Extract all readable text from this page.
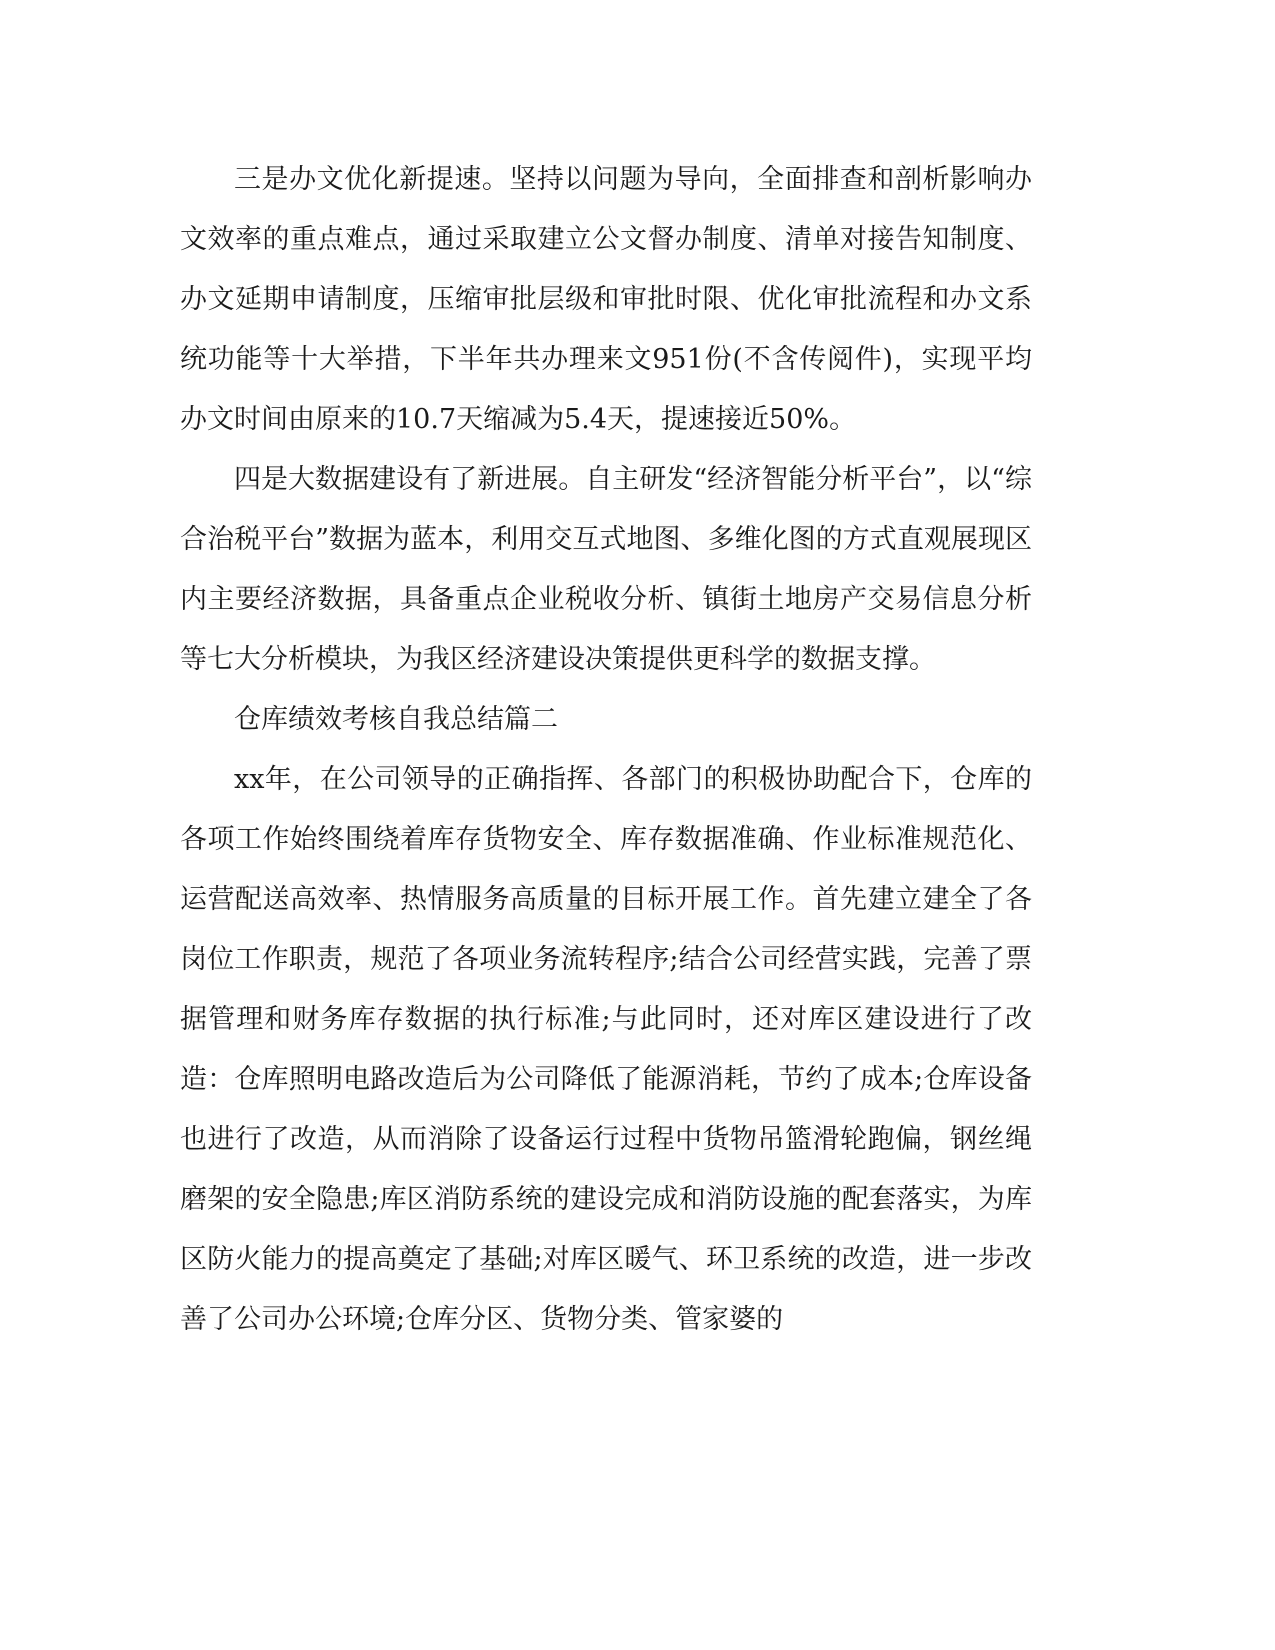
三是办文优化新提速。坚持以问题为导向，全面排查和剖析影响办文效率的重点难点，通过采取建立公文督办制度、清单对接告知制度、办文延期申请制度，压缩审批层级和审批时限、优化审批流程和办文系统功能等十大举措，下半年共办理来文951份(不含传阅件)，实现平均办文时间由原来的10.7天缩减为5.4天，提速接近50%。

四是大数据建设有了新进展。自主研发“经济智能分析平台”，以“综合治税平台”数据为蓝本，利用交互式地图、多维化图的方式直观展现区内主要经济数据，具备重点企业税收分析、镇街土地房产交易信息分析等七大分析模块，为我区经济建设决策提供更科学的数据支撑。

仓库绩效考核自我总结篇二

xx年，在公司领导的正确指挥、各部门的积极协助配合下，仓库的各项工作始终围绕着库存货物安全、库存数据准确、作业标准规范化、运营配送高效率、热情服务高质量的目标开展工作。首先建立建全了各岗位工作职责，规范了各项业务流转程序;结合公司经营实践，完善了票据管理和财务库存数据的执行标准;与此同时，还对库区建设进行了改造：仓库照明电路改造后为公司降低了能源消耗，节约了成本;仓库设备也进行了改造，从而消除了设备运行过程中货物吊篮滑轮跑偏，钢丝绳磨架的安全隐患;库区消防系统的建设完成和消防设施的配套落实，为库区防火能力的提高奠定了基础;对库区暖气、环卫系统的改造，进一步改善了公司办公环境;仓库分区、货物分类、管家婆的
